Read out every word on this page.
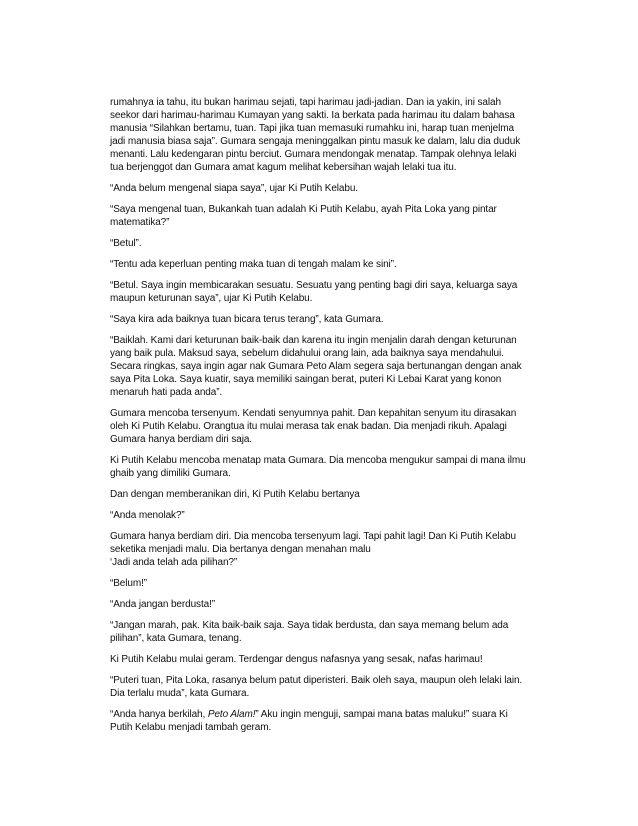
rumahnya ia tahu, itu bukan harimau sejati, tapi harimau jadi-jadian. Dan ia yakin, ini salah
seekor dari harimau-harimau Kumayan yang sakti. Ia berkata pada harimau itu dalam bahasa
manusia “Silahkan bertamu, tuan. Tapi jika tuan memasuki rumahku ini, harap tuan menjelma
jadi manusia biasa saja”. Gumara sengaja meninggalkan pintu masuk ke dalam, lalu dia duduk
menanti. Lalu kedengaran pintu berciut. Gumara mendongak menatap. Tampak olehnya lelaki
tua berjenggot dan Gumara amat kagum melihat kebersihan wajah lelaki tua itu.

“Anda belum mengenal siapa saya”, ujar Ki Putih Kelabu.

“Saya mengenal tuan, Bukankah tuan adalah Ki Putih Kelabu, ayah Pita Loka yang pintar
matematika?”

“Betul”.

“Tentu ada keperluan penting maka tuan di tengah malam ke sini”.

“Betul. Saya ingin membicarakan sesuatu. Sesuatu yang penting bagi diri saya, keluarga saya
maupun keturunan saya”, ujar Ki Putih Kelabu.

“Saya kira ada baiknya tuan bicara terus terang”, kata Gumara.

“Baiklah. Kami dari keturunan baik-baik dan karena itu ingin menjalin darah dengan keturunan
yang baik pula. Maksud saya, sebelum didahului orang lain, ada baiknya saya mendahului.
Secara ringkas, saya ingin agar nak Gumara Peto Alam segera saja bertunangan dengan anak
saya Pita Loka. Saya kuatir, saya memiliki saingan berat, puteri Ki Lebai Karat yang konon
menaruh hati pada anda”.

Gumara mencoba tersenyum. Kendati senyumnya pahit. Dan kepahitan senyum itu dirasakan
oleh Ki Putih Kelabu. Orangtua itu mulai merasa tak enak badan. Dia menjadi rikuh. Apalagi
Gumara hanya berdiam diri saja.

Ki Putih Kelabu mencoba menatap mata Gumara. Dia mencoba mengukur sampai di mana ilmu
ghaib yang dimiliki Gumara.

Dan dengan memberanikan diri, Ki Putih Kelabu bertanya

“Anda menolak?”

Gumara hanya berdiam diri. Dia mencoba tersenyum lagi. Tapi pahit lagi! Dan Ki Putih Kelabu
seketika menjadi malu. Dia bertanya dengan menahan malu
‘Jadi anda telah ada pilihan?”

“Belum!”

“Anda jangan berdusta!”

“Jangan marah, pak. Kita baik-baik saja. Saya tidak berdusta, dan saya memang belum ada
pilihan”, kata Gumara, tenang.

Ki Putih Kelabu mulai geram. Terdengar dengus nafasnya yang sesak, nafas harimau!

“Puteri tuan, Pita Loka, rasanya belum patut diperisteri. Baik oleh saya, maupun oleh lelaki lain.
Dia terlalu muda”, kata Gumara.

“Anda hanya berkilah, Peto Alam!” Aku ingin menguji, sampai mana batas maluku!” suara Ki
Putih Kelabu menjadi tambah geram.
